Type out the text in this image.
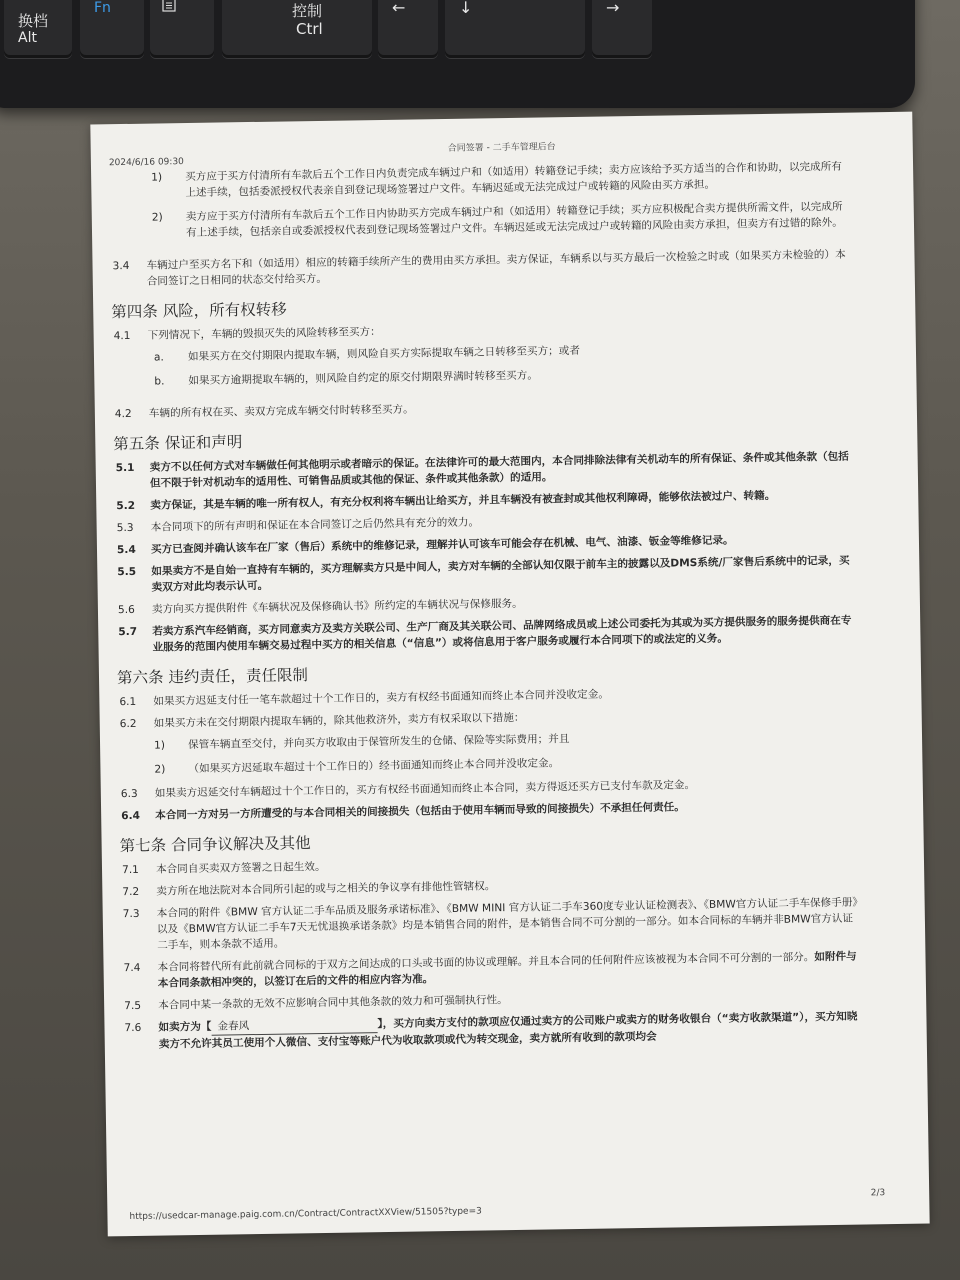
换档
Alt
Fn	控制
Ctrl
←	↓	→
2024/6/16 09:30
合同签署 - 二手车管理后台
1)	买方应于买方付清所有车款后五个工作日内负责完成车辆过户和（如适用）转籍登记手续；卖方应该给予买方适当的合作和协助，以完成所有上述手续，包括委派授权代表亲自到登记现场签署过户文件。车辆迟延或无法完成过户或转籍的风险由买方承担。
2)	卖方应于买方付清所有车款后五个工作日内协助买方完成车辆过户和（如适用）转籍登记手续；买方应积极配合卖方提供所需文件，以完成所有上述手续，包括亲自或委派授权代表到登记现场签署过户文件。车辆迟延或无法完成过户或转籍的风险由卖方承担，但卖方有过错的除外。
3.4	车辆过户至买方名下和（如适用）相应的转籍手续所产生的费用由买方承担。卖方保证，车辆系以与买方最后一次检验之时或（如果买方未检验的）本合同签订之日相同的状态交付给买方。
第四条 风险，所有权转移
4.1	下列情况下，车辆的毁损灭失的风险转移至买方：
a.	如果买方在交付期限内提取车辆，则风险自买方实际提取车辆之日转移至买方；或者
b.	如果买方逾期提取车辆的，则风险自约定的原交付期限界满时转移至买方。
4.2	车辆的所有权在买、卖双方完成车辆交付时转移至买方。
第五条 保证和声明
5.1	卖方不以任何方式对车辆做任何其他明示或者暗示的保证。在法律许可的最大范围内，本合同排除法律有关机动车的所有保证、条件或其他条款（包括但不限于针对机动车的适用性、可销售品质或其他的保证、条件或其他条款）的适用。
5.2	卖方保证，其是车辆的唯一所有权人，有充分权利将车辆出让给买方，并且车辆没有被查封或其他权利障碍，能够依法被过户、转籍。
5.3	本合同项下的所有声明和保证在本合同签订之后仍然具有充分的效力。
5.4	买方已查阅并确认该车在厂家（售后）系统中的维修记录，理解并认可该车可能会存在机械、电气、油漆、钣金等维修记录。
5.5	如果卖方不是自始一直持有车辆的，买方理解卖方只是中间人，卖方对车辆的全部认知仅限于前车主的披露以及DMS系统/厂家售后系统中的记录，买卖双方对此均表示认可。
5.6	卖方向买方提供附件《车辆状况及保修确认书》所约定的车辆状况与保修服务。
5.7	若卖方系汽车经销商，买方同意卖方及卖方关联公司、生产厂商及其关联公司、品牌网络成员或上述公司委托为其或为买方提供服务的服务提供商在专业服务的范围内使用车辆交易过程中买方的相关信息（“信息”）或将信息用于客户服务或履行本合同项下的或法定的义务。
第六条 违约责任，责任限制
6.1	如果买方迟延支付任一笔车款超过十个工作日的，卖方有权经书面通知而终止本合同并没收定金。
6.2	如果买方未在交付期限内提取车辆的，除其他救济外，卖方有权采取以下措施：
1)	保管车辆直至交付，并向买方收取由于保管所发生的仓储、保险等实际费用；并且
2)	（如果买方迟延取车超过十个工作日的）经书面通知而终止本合同并没收定金。
6.3	如果卖方迟延交付车辆超过十个工作日的，买方有权经书面通知而终止本合同，卖方得返还买方已支付车款及定金。
6.4	本合同一方对另一方所遭受的与本合同相关的间接损失（包括由于使用车辆而导致的间接损失）不承担任何责任。
第七条 合同争议解决及其他
7.1	本合同自买卖双方签署之日起生效。
7.2	卖方所在地法院对本合同所引起的或与之相关的争议享有排他性管辖权。
7.3	本合同的附件《BMW 官方认证二手车品质及服务承诺标准》、《BMW MINI 官方认证二手车360度专业认证检测表》、《BMW官方认证二手车保修手册》以及《BMW官方认证二手车7天无忧退换承诺条款》均是本销售合同的附件，是本销售合同不可分割的一部分。如本合同标的车辆并非BMW官方认证二手车，则本条款不适用。
7.4	本合同将替代所有此前就合同标的于双方之间达成的口头或书面的协议或理解。并且本合同的任何附件应该被视为本合同不可分割的一部分。如附件与本合同条款相冲突的，以签订在后的文件的相应内容为准。
7.5	本合同中某一条款的无效不应影响合同中其他条款的效力和可强制执行性。
7.6	如卖方为【 金春风	】，买方向卖方支付的款项应仅通过卖方的公司账户或卖方的财务收银台（“卖方收款渠道”），买方知晓卖方不允许其员工使用个人微信、支付宝等账户代为收取款项或代为转交现金，卖方就所有收到的款项均会
2/3
https://usedcar-manage.paig.com.cn/Contract/ContractXXView/51505?type=3
